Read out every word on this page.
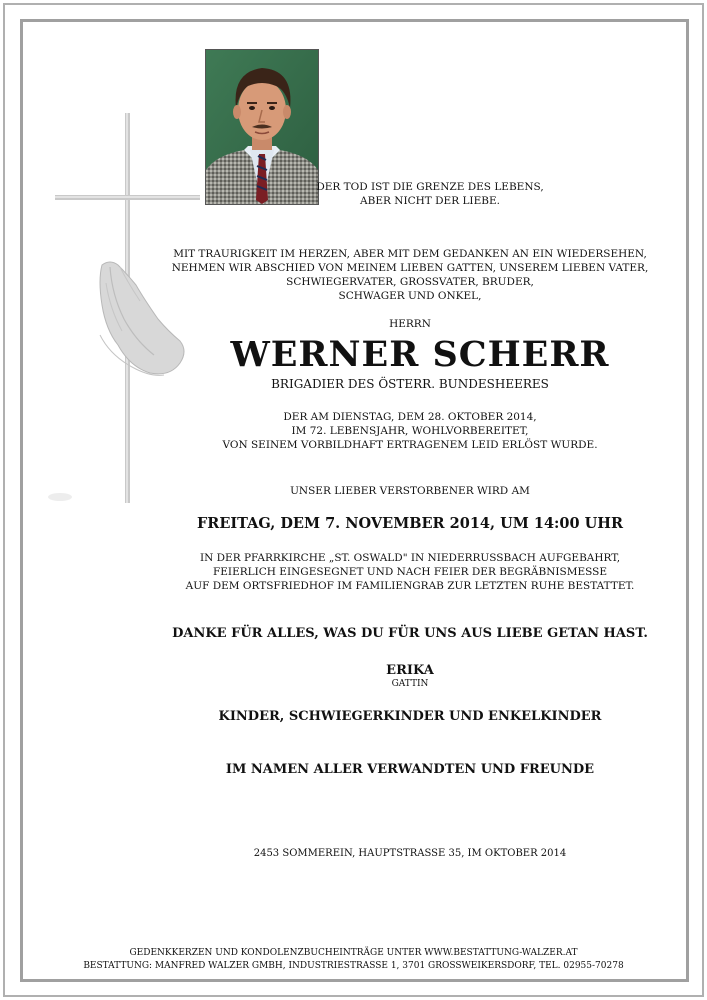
DER TOD IST DIE GRENZE DES LEBENS,
ABER NICHT DER LIEBE.
MIT TRAURIGKEIT IM HERZEN, ABER MIT DEM GEDANKEN AN EIN WIEDERSEHEN,
NEHMEN WIR ABSCHIED VON MEINEM LIEBEN GATTEN, UNSEREM LIEBEN VATER,
SCHWIEGERVATER, GROSSVATER, BRUDER,
SCHWAGER UND ONKEL,
HERRN
WERNER SCHERR
BRIGADIER DES ÖSTERR. BUNDESHEERES
DER AM DIENSTAG, DEM 28. OKTOBER 2014,
IM 72. LEBENSJAHR, WOHLVORBEREITET,
VON SEINEM VORBILDHAFT ERTRAGENEM LEID ERLÖST WURDE.
UNSER LIEBER VERSTORBENER WIRD AM
FREITAG, DEM 7. NOVEMBER 2014, UM 14:00 UHR
IN DER PFARRKIRCHE „ST. OSWALD" IN NIEDERRUSSBACH AUFGEBAHRT,
FEIERLICH EINGESEGNET UND NACH FEIER DER BEGRÄBNISMESSE
AUF DEM ORTSFRIEDHOF IM FAMILIENGRAB ZUR LETZTEN RUHE BESTATTET.
DANKE FÜR ALLES, WAS DU FÜR UNS AUS LIEBE GETAN HAST.
ERIKA
GATTIN
KINDER, SCHWIEGERKINDER UND ENKELKINDER
IM NAMEN ALLER VERWANDTEN UND FREUNDE
2453 SOMMEREIN, HAUPTSTRASSE 35, IM OKTOBER 2014
GEDENKKERZEN UND KONDOLENZBUCHEINTRÄGE UNTER WWW.BESTATTUNG-WALZER.AT
BESTATTUNG: MANFRED WALZER GMBH, INDUSTRIESTRASSE 1, 3701 GROSSWEIKERSDORF, TEL. 02955-70278
